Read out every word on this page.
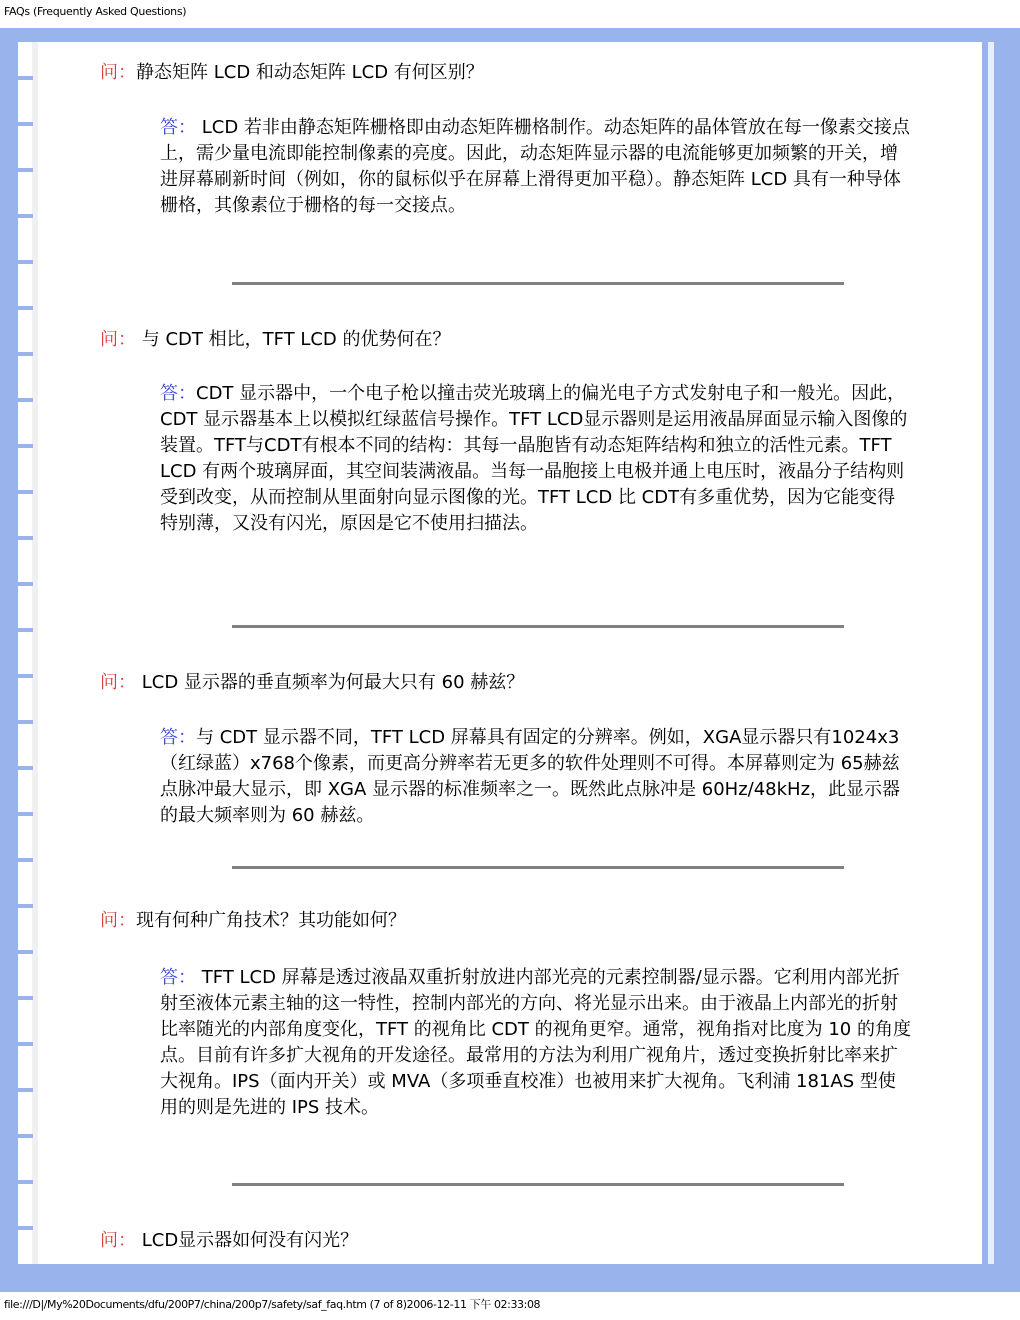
FAQs (Frequently Asked Questions)
问：静态矩阵 LCD 和动态矩阵 LCD 有何区别？
答： LCD 若非由静态矩阵栅格即由动态矩阵栅格制作。动态矩阵的晶体管放在每一像素交接点上，需少量电流即能控制像素的亮度。因此，动态矩阵显示器的电流能够更加频繁的开关，增进屏幕刷新时间（例如，你的鼠标似乎在屏幕上滑得更加平稳）。静态矩阵 LCD 具有一种导体栅格，其像素位于栅格的每一交接点。
问： 与 CDT 相比，TFT LCD 的优势何在？
答：CDT 显示器中，一个电子枪以撞击荧光玻璃上的偏光电子方式发射电子和一般光。因此，CDT 显示器基本上以模拟红绿蓝信号操作。TFT LCD显示器则是运用液晶屏面显示输入图像的装置。TFT与CDT有根本不同的结构：其每一晶胞皆有动态矩阵结构和独立的活性元素。TFT LCD 有两个玻璃屏面，其空间装满液晶。当每一晶胞接上电极并通上电压时，液晶分子结构则受到改变，从而控制从里面射向显示图像的光。TFT LCD 比 CDT有多重优势，因为它能变得特别薄，又没有闪光，原因是它不使用扫描法。
问： LCD 显示器的垂直频率为何最大只有 60 赫兹？
答：与 CDT 显示器不同，TFT LCD 屏幕具有固定的分辨率。例如，XGA显示器只有1024x3（红绿蓝）x768个像素，而更高分辨率若无更多的软件处理则不可得。本屏幕则定为 65赫兹点脉冲最大显示，即 XGA 显示器的标准频率之一。既然此点脉冲是 60Hz/48kHz，此显示器的最大频率则为 60 赫兹。
问：现有何种广角技术？其功能如何？
答： TFT LCD 屏幕是透过液晶双重折射放进内部光亮的元素控制器/显示器。它利用内部光折射至液体元素主轴的这一特性，控制内部光的方向、将光显示出来。由于液晶上内部光的折射比率随光的内部角度变化，TFT 的视角比 CDT 的视角更窄。通常，视角指对比度为 10 的角度点。目前有许多扩大视角的开发途径。最常用的方法为利用广视角片，透过变换折射比率来扩大视角。IPS（面内开关）或 MVA（多项垂直校准）也被用来扩大视角。飞利浦 181AS 型使用的则是先进的 IPS 技术。
问： LCD显示器如何没有闪光？
file:///D|/My%20Documents/dfu/200P7/china/200p7/safety/saf_faq.htm (7 of 8)2006-12-11 下午 02:33:08
